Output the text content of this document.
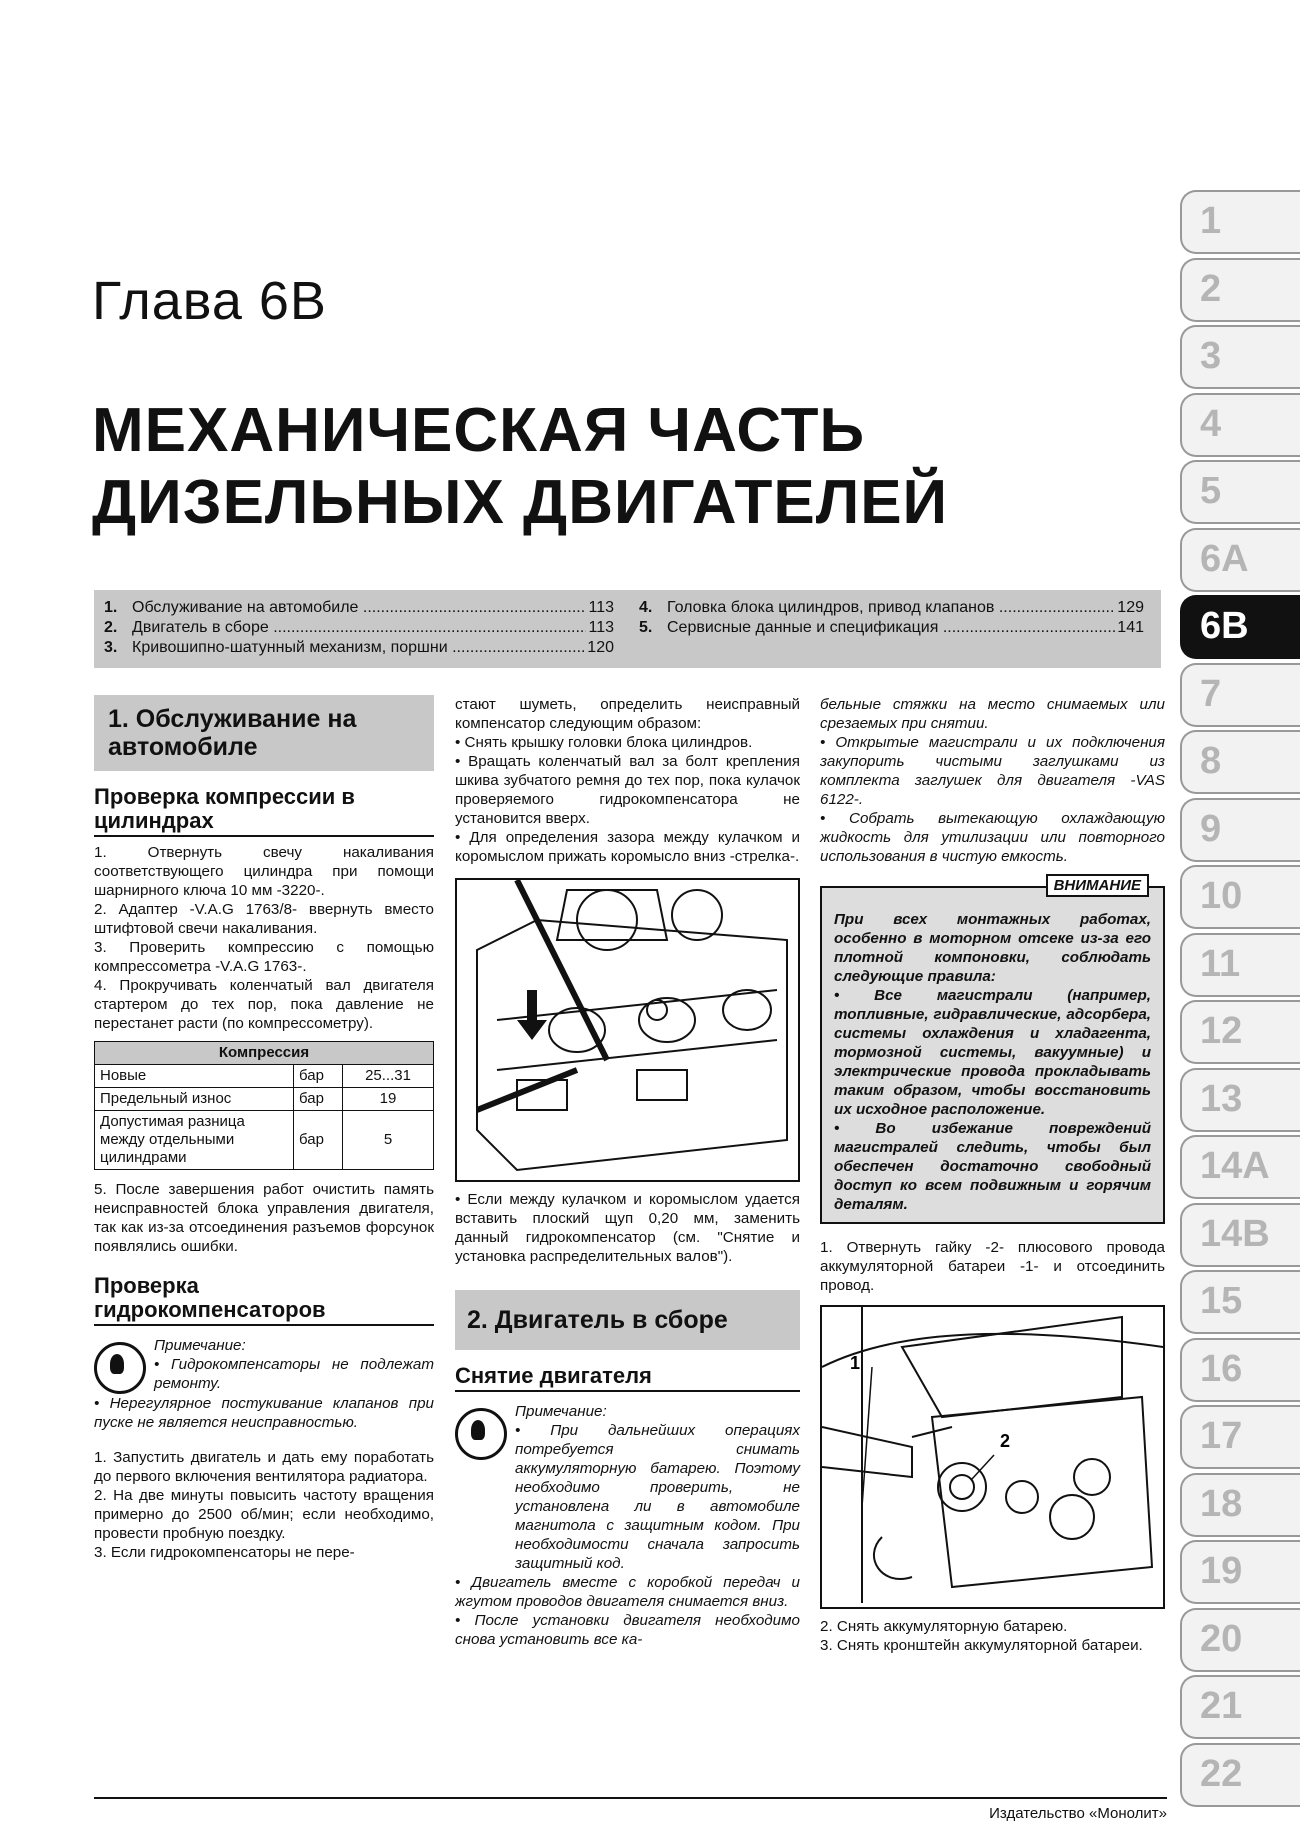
Глава 6В
МЕХАНИЧЕСКАЯ ЧАСТЬ
ДИЗЕЛЬНЫХ ДВИГАТЕЛЕЙ
1. Обслуживание на автомобиле .....	113
2. Двигатель в сборе .....	113
3. Кривошипно-шатунный механизм, поршни .....	120
4. Головка блока цилиндров, привод клапанов .....	129
5. Сервисные данные и спецификация .....	141
1
2
3
4
5
6A
6B
7
8
9
10
11
12
13
14A
14B
15
16
17
18
19
20
21
22
1. Обслуживание на автомобиле
Проверка компрессии в цилиндрах

1. Отвернуть свечу накаливания соответствующего цилиндра при помощи шарнирного ключа 10 мм -3220-.

2. Адаптер -V.A.G 1763/8- ввернуть вместо штифтовой свечи накаливания.

3. Проверить компрессию с помощью компрессометра -V.A.G 1763-.

4. Прокручивать коленчатый вал двигателя стартером до тех пор, пока давление не перестанет расти (по компрессометру).

Компрессия		
Новые	бар	25...31
Предельный износ	бар	19
Допустимая разница между отдельными цилиндрами	бар	5

5. После завершения работ очистить память неисправностей блока управления двигателя, так как из-за отсоединения разъемов форсунок появлялись ошибки.

Проверка гидрокомпенсаторов

Примечание:

• Гидрокомпенсаторы не подлежат ремонту.

• Нерегулярное постукивание клапанов при пуске не является неисправностью.

1. Запустить двигатель и дать ему поработать до первого включения вентилятора радиатора.

2. На две минуты повысить частоту вращения примерно до 2500 об/мин; если необходимо, провести пробную поездку.

3. Если гидрокомпенсаторы не пере-

стают шуметь, определить неисправный компенсатор следующим образом:

• Снять крышку головки блока цилиндров.

• Вращать коленчатый вал за болт крепления шкива зубчатого ремня до тех пор, пока кулачок проверяемого гидрокомпенсатора не установится вверх.

• Для определения зазора между кулачком и коромыслом прижать коромысло вниз -стрелка-.

• Если между кулачком и коромыслом удается вставить плоский щуп 0,20 мм, заменить данный гидрокомпенсатор (см. "Снятие и установка распределительных валов").

2. Двигатель в сборе
Снятие двигателя

Примечание:

• При дальнейших операциях потребуется снимать аккумуляторную батарею. Поэтому необходимо проверить, не установлена ли в автомобиле магнитола с защитным кодом. При необходимости сначала запросить защитный код.

• Двигатель вместе с коробкой передач и жгутом проводов двигателя снимается вниз.

• После установки двигателя необходимо снова установить все ка-

бельные стяжки на место снимаемых или срезаемых при снятии.

• Открытые магистрали и их подключения закупорить чистыми заглушками из комплекта заглушек для двигателя -VAS 6122-.

• Собрать вытекающую охлаждающую жидкость для утилизации или повторного использования в чистую емкость.

ВНИМАНИЕ

При всех монтажных работах, особенно в моторном отсеке из-за его плотной компоновки, соблюдать следующие правила:

• Все магистрали (например, топливные, гидравлические, адсорбера, системы охлаждения и хладагента, тормозной системы, вакуумные) и электрические провода прокладывать таким образом, чтобы восстановить их исходное расположение.

• Во избежание повреждений магистралей следить, чтобы был обеспечен достаточно свободный доступ ко всем подвижным и горячим деталям.

1. Отвернуть гайку -2- плюсового провода аккумуляторной батареи -1- и отсоединить провод.

1
2

2. Снять аккумуляторную батарею.

3. Снять кронштейн аккумуляторной батареи.

Издательство «Монолит»
